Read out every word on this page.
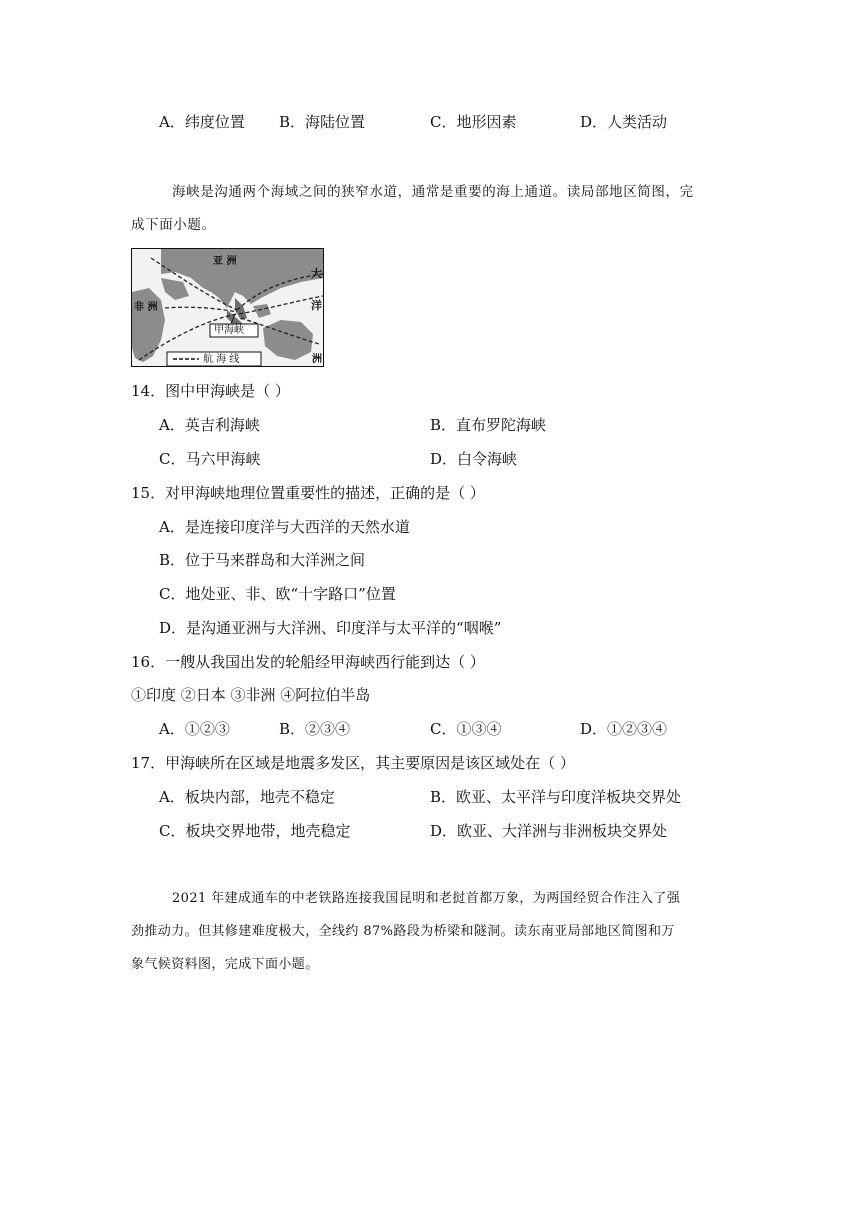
A．纬度位置 B．海陆位置	C．地形因素	D．人类活动
海峡是沟通两个海域之间的狭窄水道，通常是重要的海上通道。读局部地区简图，完
成下面小题。
亚 洲
非 洲
大
洋
洲
甲海峡
航 海 线
14．图中甲海峡是（ ）
A．英吉利海峡	B．直布罗陀海峡
C．马六甲海峡	D．白令海峡
15．对甲海峡地理位置重要性的描述，正确的是（ ）
A．是连接印度洋与大西洋的天然水道
B．位于马来群岛和大洋洲之间
C．地处亚、非、欧“十字路口”位置
D．是沟通亚洲与大洋洲、印度洋与太平洋的“咽喉”
16．一艘从我国出发的轮船经甲海峡西行能到达（ ）
①印度 ②日本 ③非洲 ④阿拉伯半岛
A．①②③	B．②③④	C．①③④	D．①②③④
17．甲海峡所在区域是地震多发区，其主要原因是该区域处在（ ）
A．板块内部，地壳不稳定	B．欧亚、太平洋与印度洋板块交界处
C．板块交界地带，地壳稳定	D．欧亚、大洋洲与非洲板块交界处
2021 年建成通车的中老铁路连接我国昆明和老挝首都万象，为两国经贸合作注入了强
劲推动力。但其修建难度极大，全线约 87%路段为桥梁和隧洞。读东南亚局部地区简图和万
象气候资料图，完成下面小题。
